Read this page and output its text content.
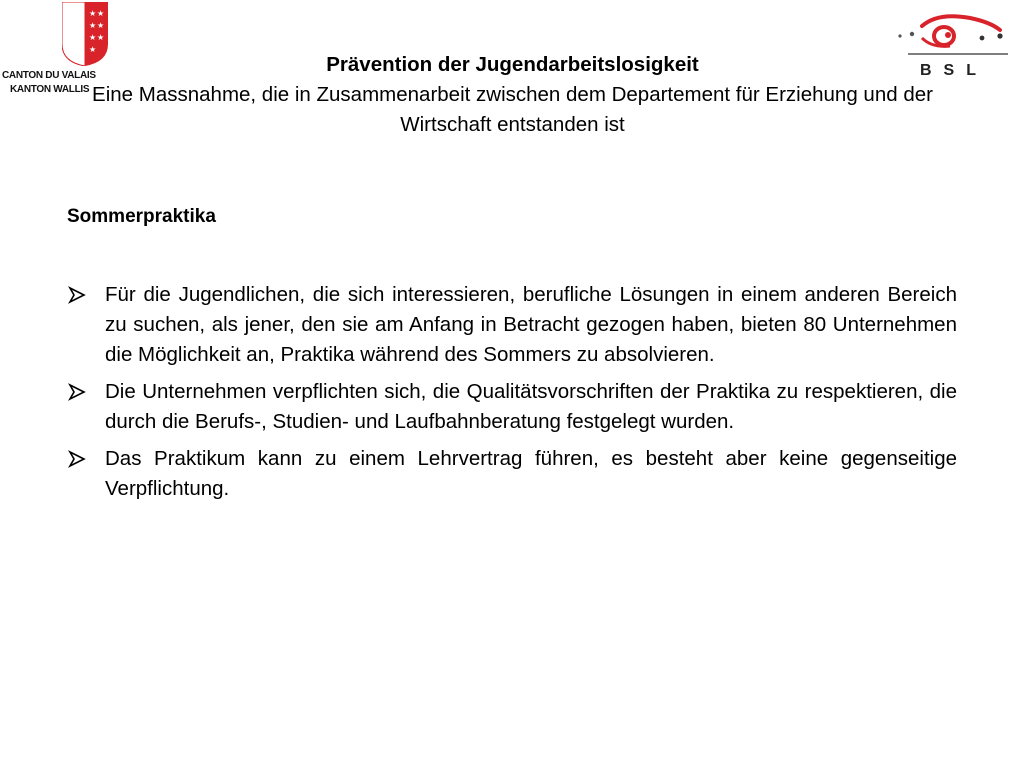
★ ★
★ ★
★ ★
★
CANTON DU VALAIS
KANTON WALLIS
BSL
Prävention der Jugendarbeitslosigkeit
Eine Massnahme, die in Zusammenarbeit zwischen dem Departement für Erziehung und der Wirtschaft entstanden ist
Sommerpraktika
Für die Jugendlichen, die sich interessieren, berufliche Lösungen in einem anderen Bereich zu suchen, als jener, den sie am Anfang in Betracht gezogen haben, bieten 80 Unternehmen die Möglichkeit an, Praktika während des Sommers zu absolvieren.
Die Unternehmen verpflichten sich, die Qualitätsvorschriften der Praktika zu respektieren, die durch die Berufs-, Studien- und Laufbahnberatung festgelegt wurden.
Das Praktikum kann zu einem Lehrvertrag führen, es besteht aber keine gegenseitige Verpflichtung.
